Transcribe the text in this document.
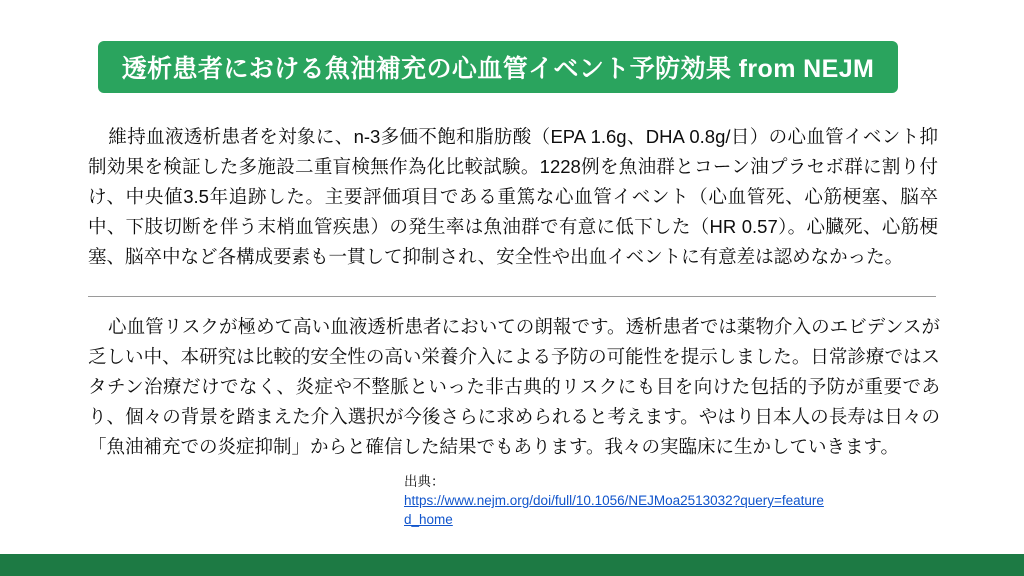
透析患者における魚油補充の心血管イベント予防効果 from NEJM

維持血液透析患者を対象に、n-3多価不飽和脂肪酸（EPA 1.6g、DHA 0.8g/日）の心血管イベント抑制効果を検証した多施設二重盲検無作為化比較試験。1228例を魚油群とコーン油プラセボ群に割り付け、中央値3.5年追跡した。主要評価項目である重篤な心血管イベント（心血管死、心筋梗塞、脳卒中、下肢切断を伴う末梢血管疾患）の発生率は魚油群で有意に低下した（HR 0.57）。心臓死、心筋梗塞、脳卒中など各構成要素も一貫して抑制され、安全性や出血イベントに有意差は認めなかった。

心血管リスクが極めて高い血液透析患者においての朗報です。透析患者では薬物介入のエビデンスが乏しい中、本研究は比較的安全性の高い栄養介入による予防の可能性を提示しました。日常診療ではスタチン治療だけでなく、炎症や不整脈といった非古典的リスクにも目を向けた包括的予防が重要であり、個々の背景を踏まえた介入選択が今後さらに求められると考えます。やはり日本人の長寿は日々の「魚油補充での炎症抑制」からと確信した結果でもあります。我々の実臨床に生かしていきます。

出典：
https://www.nejm.org/doi/full/10.1056/NEJMoa2513032?query=featured_home
